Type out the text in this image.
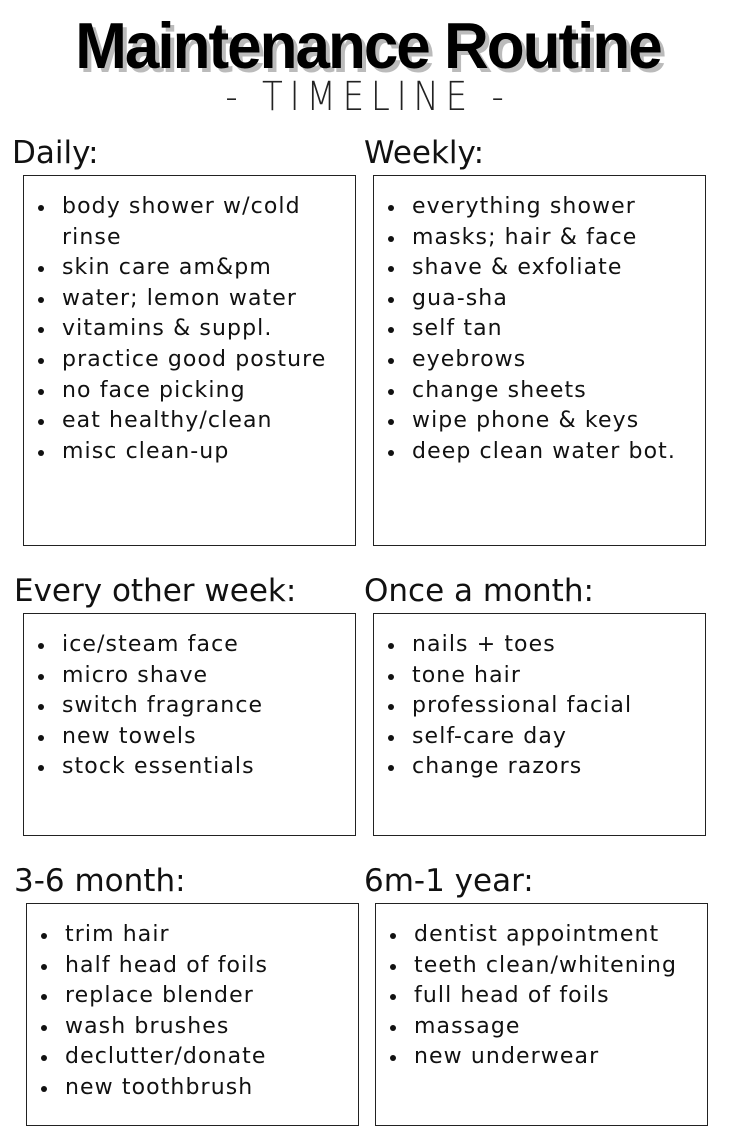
Maintenance Routine
- TIMELINE -
Daily:
body shower w/cold rinse
skin care am&pm
water; lemon water
vitamins & suppl.
practice good posture
no face picking
eat healthy/clean
misc clean-up
Weekly:
everything shower
masks; hair & face
shave & exfoliate
gua-sha
self tan
eyebrows
change sheets
wipe phone & keys
deep clean water bot.
Every other week:
ice/steam face
micro shave
switch fragrance
new towels
stock essentials
Once a month:
nails + toes
tone hair
professional facial
self-care day
change razors
3-6 month:
trim hair
half head of foils
replace blender
wash brushes
declutter/donate
new toothbrush
6m-1 year:
dentist appointment
teeth clean/whitening
full head of foils
massage
new underwear
